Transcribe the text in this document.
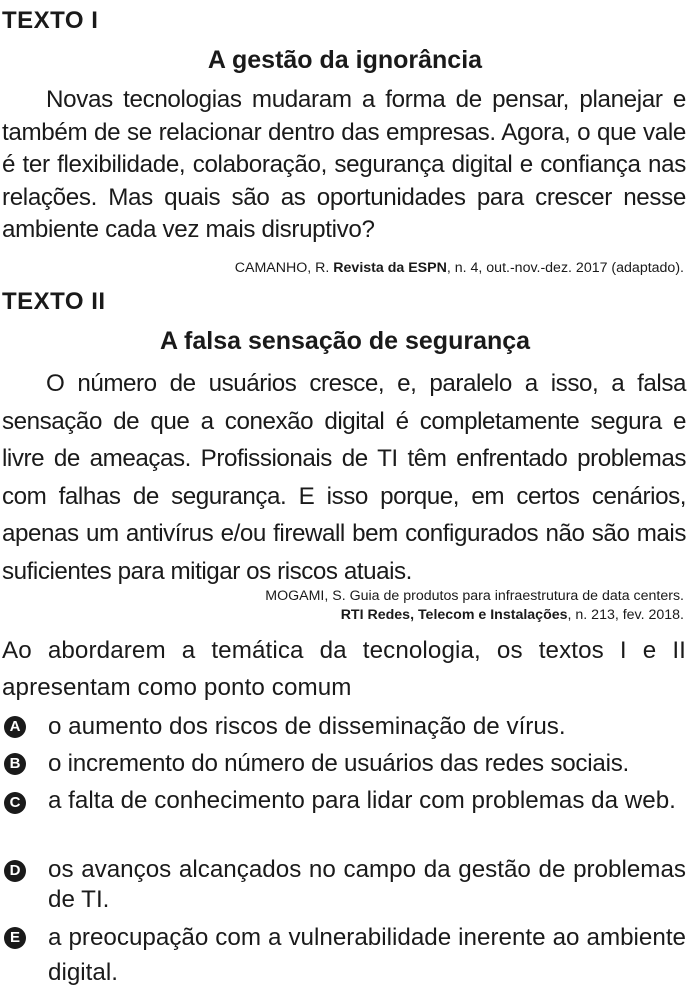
TEXTO I
A gestão da ignorância

Novas tecnologias mudaram a forma de pensar, planejar e também de se relacionar dentro das empresas. Agora, o que vale é ter flexibilidade, colaboração, segurança digital e confiança nas relações. Mas quais são as oportunidades para crescer nesse ambiente cada vez mais disruptivo?

CAMANHO, R. Revista da ESPN, n. 4, out.-nov.-dez. 2017 (adaptado).
TEXTO II
A falsa sensação de segurança

O número de usuários cresce, e, paralelo a isso, a falsa sensação de que a conexão digital é completamente segura e livre de ameaças. Profissionais de TI têm enfrentado problemas com falhas de segurança. E isso porque, em certos cenários, apenas um antivírus e/ou firewall bem configurados não são mais suficientes para mitigar os riscos atuais.

MOGAMI, S. Guia de produtos para infraestrutura de data centers.
RTI Redes, Telecom e Instalações, n. 213, fev. 2018.

Ao abordarem a temática da tecnologia, os textos I e II apresentam como ponto comum

A o aumento dos riscos de disseminação de vírus.

B o incremento do número de usuários das redes sociais.

C a falta de conhecimento para lidar com problemas da web.

D os avanços alcançados no campo da gestão de problemas de TI.

E a preocupação com a vulnerabilidade inerente ao ambiente digital.
